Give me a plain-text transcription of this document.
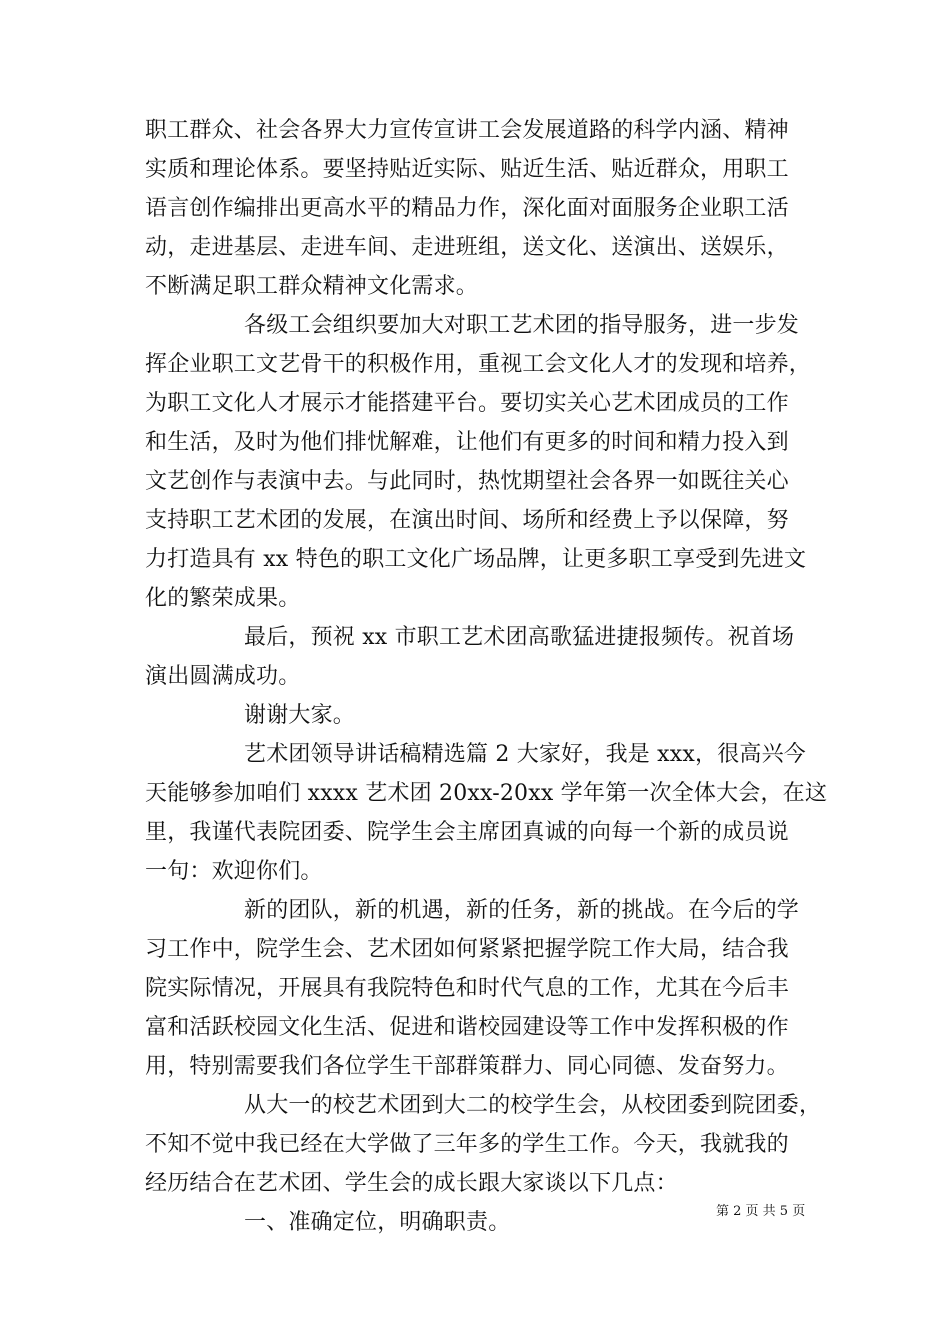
职工群众、社会各界大力宣传宣讲工会发展道路的科学内涵、精神
实质和理论体系。要坚持贴近实际、贴近生活、贴近群众，用职工
语言创作编排出更高水平的精品力作，深化面对面服务企业职工活
动，走进基层、走进车间、走进班组，送文化、送演出、送娱乐，
不断满足职工群众精神文化需求。
各级工会组织要加大对职工艺术团的指导服务，进一步发
挥企业职工文艺骨干的积极作用，重视工会文化人才的发现和培养，
为职工文化人才展示才能搭建平台。要切实关心艺术团成员的工作
和生活，及时为他们排忧解难，让他们有更多的时间和精力投入到
文艺创作与表演中去。与此同时，热忱期望社会各界一如既往关心
支持职工艺术团的发展，在演出时间、场所和经费上予以保障，努
力打造具有 xx 特色的职工文化广场品牌，让更多职工享受到先进文
化的繁荣成果。
最后，预祝 xx 市职工艺术团高歌猛进捷报频传。祝首场
演出圆满成功。
谢谢大家。
艺术团领导讲话稿精选篇 2 大家好，我是 xxx，很高兴今
天能够参加咱们 xxxx 艺术团 20xx-20xx 学年第一次全体大会，在这
里，我谨代表院团委、院学生会主席团真诚的向每一个新的成员说
一句：欢迎你们。
新的团队，新的机遇，新的任务，新的挑战。在今后的学
习工作中，院学生会、艺术团如何紧紧把握学院工作大局，结合我
院实际情况，开展具有我院特色和时代气息的工作，尤其在今后丰
富和活跃校园文化生活、促进和谐校园建设等工作中发挥积极的作
用，特别需要我们各位学生干部群策群力、同心同德、发奋努力。
从大一的校艺术团到大二的校学生会，从校团委到院团委，
不知不觉中我已经在大学做了三年多的学生工作。今天，我就我的
经历结合在艺术团、学生会的成长跟大家谈以下几点：
一、准确定位，明确职责。	第 2 页 共 5 页
